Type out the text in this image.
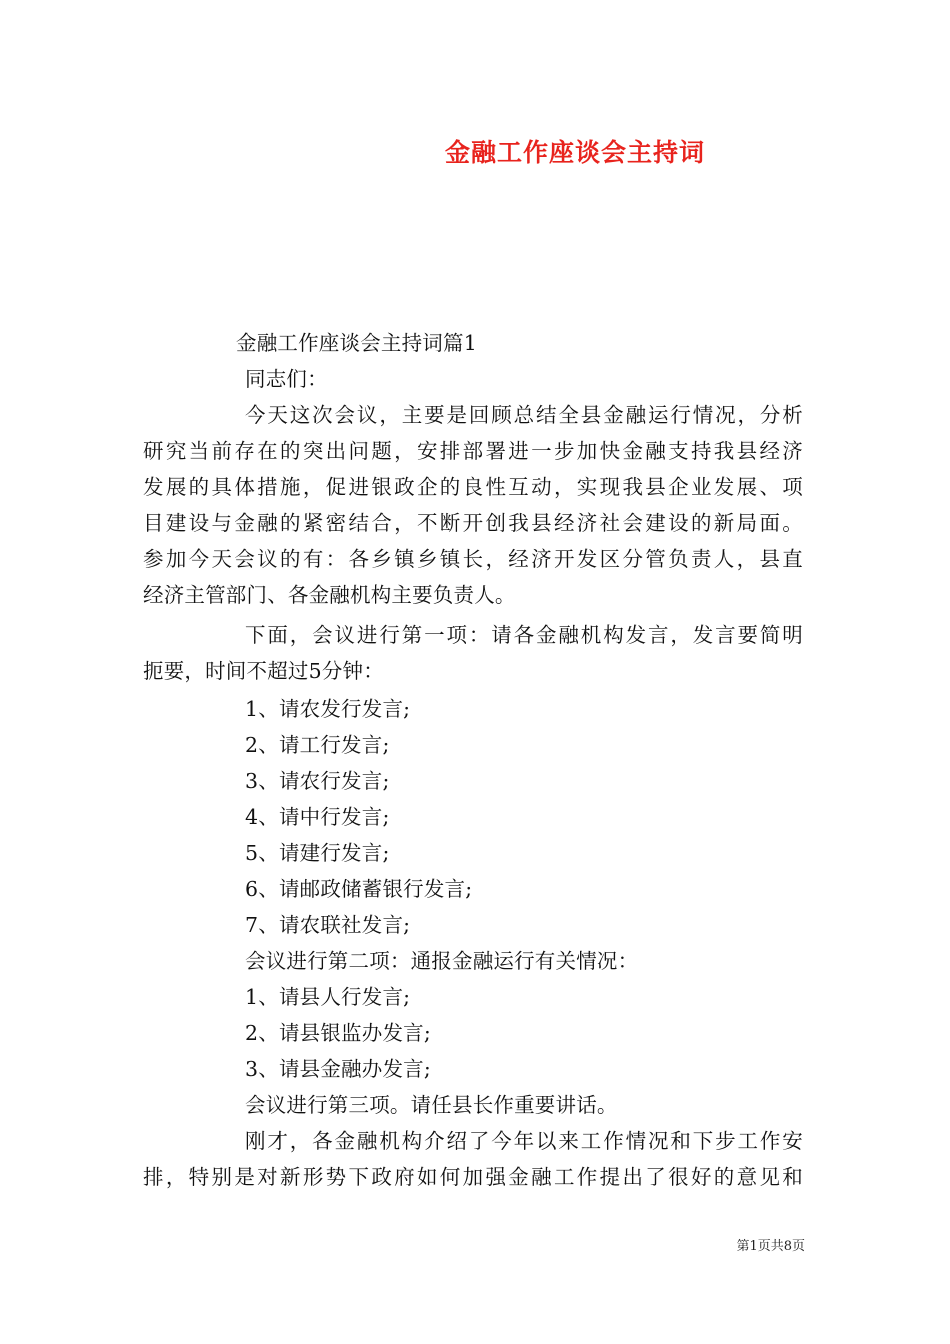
金融工作座谈会主持词
金融工作座谈会主持词篇1
同志们：
今天这次会议，主要是回顾总结全县金融运行情况，分析
研究当前存在的突出问题，安排部署进一步加快金融支持我县经济
发展的具体措施，促进银政企的良性互动，实现我县企业发展、项
目建设与金融的紧密结合，不断开创我县经济社会建设的新局面。
参加今天会议的有：各乡镇乡镇长，经济开发区分管负责人，县直
经济主管部门、各金融机构主要负责人。
下面，会议进行第一项：请各金融机构发言，发言要简明
扼要，时间不超过5分钟：
1、请农发行发言;
2、请工行发言;
3、请农行发言;
4、请中行发言;
5、请建行发言;
6、请邮政储蓄银行发言;
7、请农联社发言;
会议进行第二项：通报金融运行有关情况：
1、请县人行发言;
2、请县银监办发言;
3、请县金融办发言;
会议进行第三项。请任县长作重要讲话。
刚才，各金融机构介绍了今年以来工作情况和下步工作安
排，特别是对新形势下政府如何加强金融工作提出了很好的意见和
第1页共8页
